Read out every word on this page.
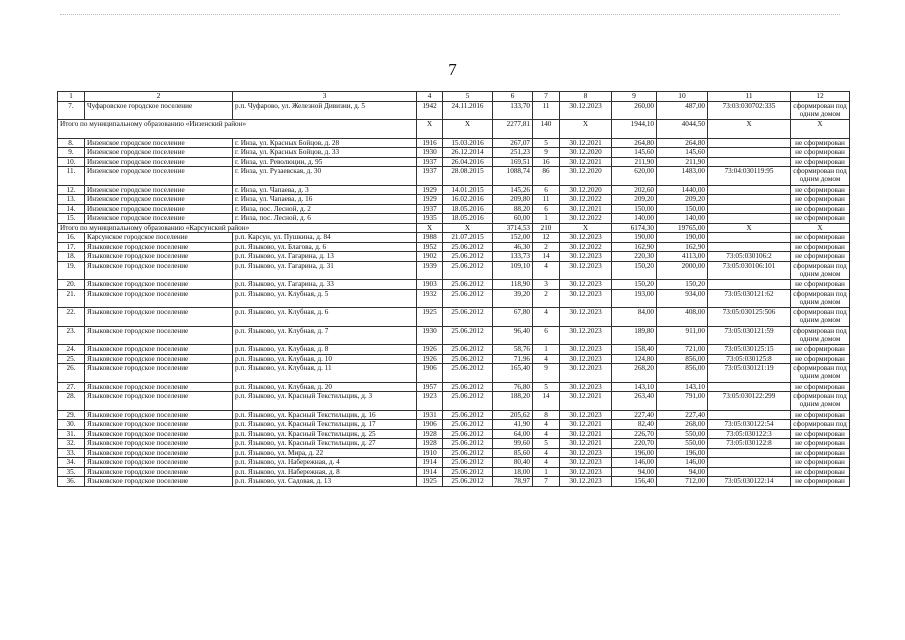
7
1	2	3	4	5	6	7	8	9	10	11	12
7.	Чуфаровское городское поселение	р.п. Чуфарово, ул. Железной Дивизии, д. 5	1942	24.11.2016	133,70	11	30.12.2023	260,00	487,00	73:03:030702:335	сформирован под одним домом
Итого по муниципальному образованию «Инзенский район»			X	X	2277,81	140	X	1944,10	4044,50	X	X
8.	Инзенское городское поселение	г. Инза, ул. Красных Бойцов, д. 28	1916	15.03.2016	267,07	5	30.12.2021	264,80	264,80		не сформирован
9.	Инзенское городское поселение	г. Инза, ул. Красных Бойцов, д. 33	1930	26.12.2014	251,23	9	30.12.2020	145,60	145,60		не сформирован
10.	Инзенское городское поселение	г. Инза, ул. Революции, д. 95	1937	26.04.2016	169,51	16	30.12.2021	211,90	211,90		не сформирован
11.	Инзенское городское поселение	г. Инза, ул. Рузаевская, д. 30	1937	28.08.2015	1088,74	86	30.12.2020	620,00	1483,00	73:04:030119:95	сформирован под одним домом
12.	Инзенское городское поселение	г. Инза, ул. Чапаева, д. 3	1929	14.01.2015	145,26	6	30.12.2020	202,60	1440,00		не сформирован
13.	Инзенское городское поселение	г. Инза, ул. Чапаева, д. 16	1929	16.02.2016	209,80	11	30.12.2022	209,20	209,20		не сформирован
14.	Инзенское городское поселение	г. Инза, пос. Лесной, д. 2	1937	18.05.2016	88,20	6	30.12.2021	150,00	150,00		не сформирован
15.	Инзенское городское поселение	г. Инза, пос. Лесной, д. 6	1935	18.05.2016	60,00	1	30.12.2022	140,00	140,00		не сформирован
Итого по муниципальному образованию «Карсунский район»			X	X	3714,53	210	X	6174,30	19765,00	X	X
16.	Карсунское городское поселение	р.п. Карсун, ул. Пушкина, д. 84	1988	21.07.2015	152,00	12	30.12.2023	190,00	190,00		не сформирован
17.	Языковское городское поселение	р.п. Языково, ул. Благова, д. 6	1952	25.06.2012	46,30	2	30.12.2022	162,90	162,90		не сформирован
18.	Языковское городское поселение	р.п. Языково, ул. Гагарина, д. 13	1902	25.06.2012	133,73	14	30.12.2023	220,30	4113,00	73:05:030106:2	не сформирован
19.	Языковское городское поселение	р.п. Языково, ул. Гагарина, д. 31	1939	25.06.2012	109,10	4	30.12.2023	150,20	2000,00	73:05:030106:101	сформирован под одним домом
20.	Языковское городское поселение	р.п. Языково, ул. Гагарина, д. 33	1903	25.06.2012	118,90	3	30.12.2023	150,20	150,20		не сформирован
21.	Языковское городское поселение	р.п. Языково, ул. Клубная, д. 5	1932	25.06.2012	39,20	2	30.12.2023	193,00	934,00	73:05:030121:62	сформирован под одним домом
22.	Языковское городское поселение	р.п. Языково, ул. Клубная, д. 6	1925	25.06.2012	67,80	4	30.12.2023	84,00	408,00	73:05:030125:506	сформирован под одним домом
23.	Языковское городское поселение	р.п. Языково, ул. Клубная, д. 7	1930	25.06.2012	96,40	6	30.12.2023	189,80	911,00	73:05:030121:59	сформирован под одним домом
24.	Языковское городское поселение	р.п. Языково, ул. Клубная, д. 8	1926	25.06.2012	58,76	1	30.12.2023	158,40	721,00	73:05:030125:15	не сформирован
25.	Языковское городское поселение	р.п. Языково, ул. Клубная, д. 10	1926	25.06.2012	71,96	4	30.12.2023	124,80	856,00	73:05:030125:8	не сформирован
26.	Языковское городское поселение	р.п. Языково, ул. Клубная, д. 11	1906	25.06.2012	165,40	9	30.12.2023	268,20	856,00	73:05:030121:19	сформирован под одним домом
27.	Языковское городское поселение	р.п. Языково, ул. Клубная, д. 20	1957	25.06.2012	76,80	5	30.12.2023	143,10	143,10		не сформирован
28.	Языковское городское поселение	р.п. Языково, ул. Красный Текстильщик, д. 3	1923	25.06.2012	188,20	14	30.12.2021	263,40	791,00	73:05:030122:299	сформирован под одним домом
29.	Языковское городское поселение	р.п. Языково, ул. Красный Текстильщик, д. 16	1931	25.06.2012	205,62	8	30.12.2023	227,40	227,40		не сформирован
30.	Языковское городское поселение	р.п. Языково, ул. Красный Текстильщик, д. 17	1906	25.06.2012	41,90	4	30.12.2021	82,40	268,00	73:05:030122:54	сформирован под
31.	Языковское городское поселение	р.п. Языково, ул. Красный Текстильщик, д. 25	1928	25.06.2012	64,00	4	30.12.2021	226,70	550,00	73:05:030122:3	не сформирован
32.	Языковское городское поселение	р.п. Языково, ул. Красный Текстильщик, д. 27	1928	25.06.2012	99,60	5	30.12.2021	220,70	550,00	73:05:030122:8	не сформирован
33.	Языковское городское поселение	р.п. Языково, ул. Мира, д. 22	1910	25.06.2012	85,60	4	30.12.2023	196,00	196,00		не сформирован
34.	Языковское городское поселение	р.п. Языково, ул. Набережная, д. 4	1914	25.06.2012	80,40	4	30.12.2023	146,00	146,00		не сформирован
35.	Языковское городское поселение	р.п. Языково, ул. Набережная, д. 8	1914	25.06.2012	18,00	1	30.12.2023	94,00	94,00		не сформирован
36.	Языковское городское поселение	р.п. Языково, ул. Садовая, д. 13	1925	25.06.2012	78,97	7	30.12.2023	156,40	712,00	73:05:030122:14	не сформирован
